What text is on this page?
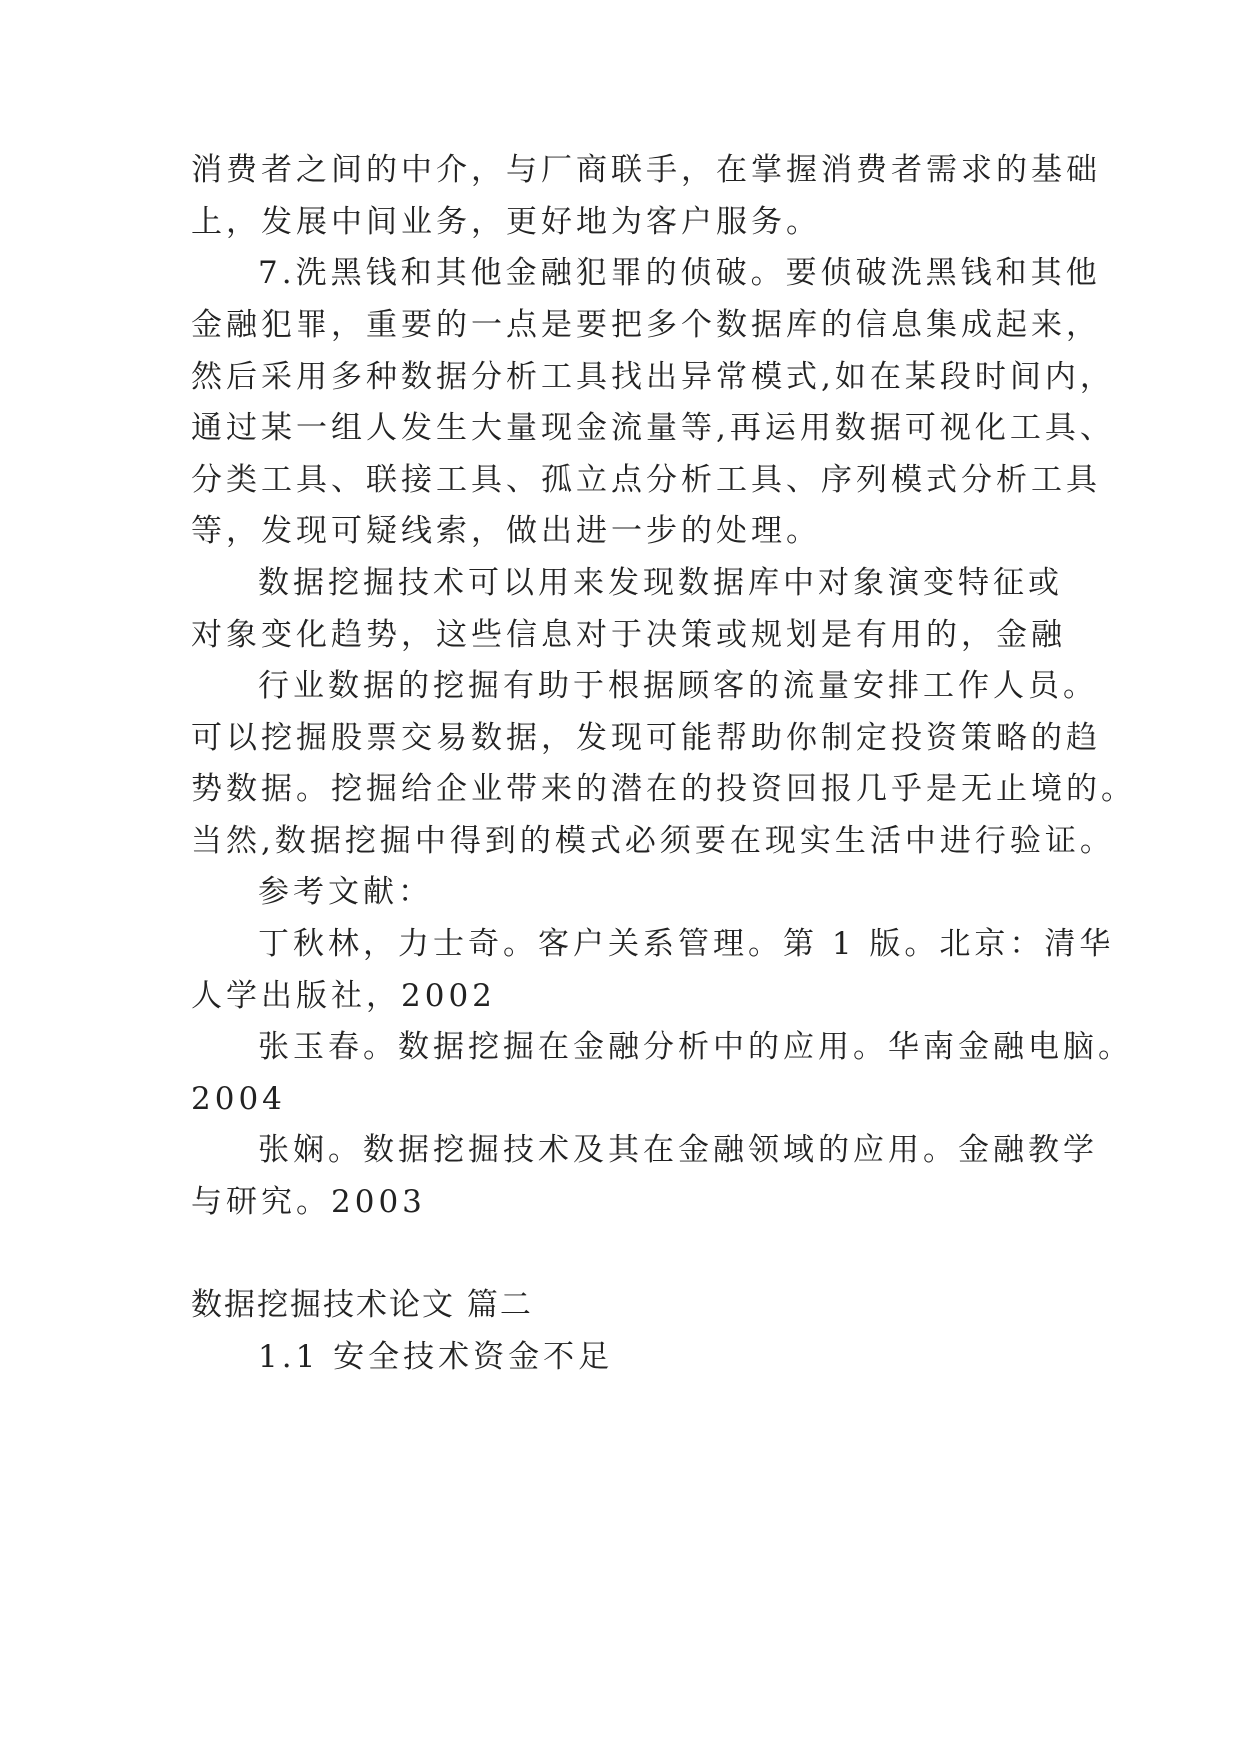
消费者之间的中介，与厂商联手，在掌握消费者需求的基础
上，发展中间业务，更好地为客户服务。
7.洗黑钱和其他金融犯罪的侦破。要侦破洗黑钱和其他
金融犯罪，重要的一点是要把多个数据库的信息集成起来，
然后采用多种数据分析工具找出异常模式,如在某段时间内，
通过某一组人发生大量现金流量等,再运用数据可视化工具、
分类工具、联接工具、孤立点分析工具、序列模式分析工具
等，发现可疑线索，做出进一步的处理。
数据挖掘技术可以用来发现数据库中对象演变特征或
对象变化趋势，这些信息对于决策或规划是有用的，金融
行业数据的挖掘有助于根据顾客的流量安排工作人员。
可以挖掘股票交易数据，发现可能帮助你制定投资策略的趋
势数据。挖掘给企业带来的潜在的投资回报几乎是无止境的。
当然,数据挖掘中得到的模式必须要在现实生活中进行验证。
参考文献：
丁秋林，力士奇。客户关系管理。第 1 版。北京：清华
人学出版社，2002
张玉春。数据挖掘在金融分析中的应用。华南金融电脑。
2004
张娴。数据挖掘技术及其在金融领域的应用。金融教学
与研究。2003
数据挖掘技术论文 篇二
1.1 安全技术资金不足
